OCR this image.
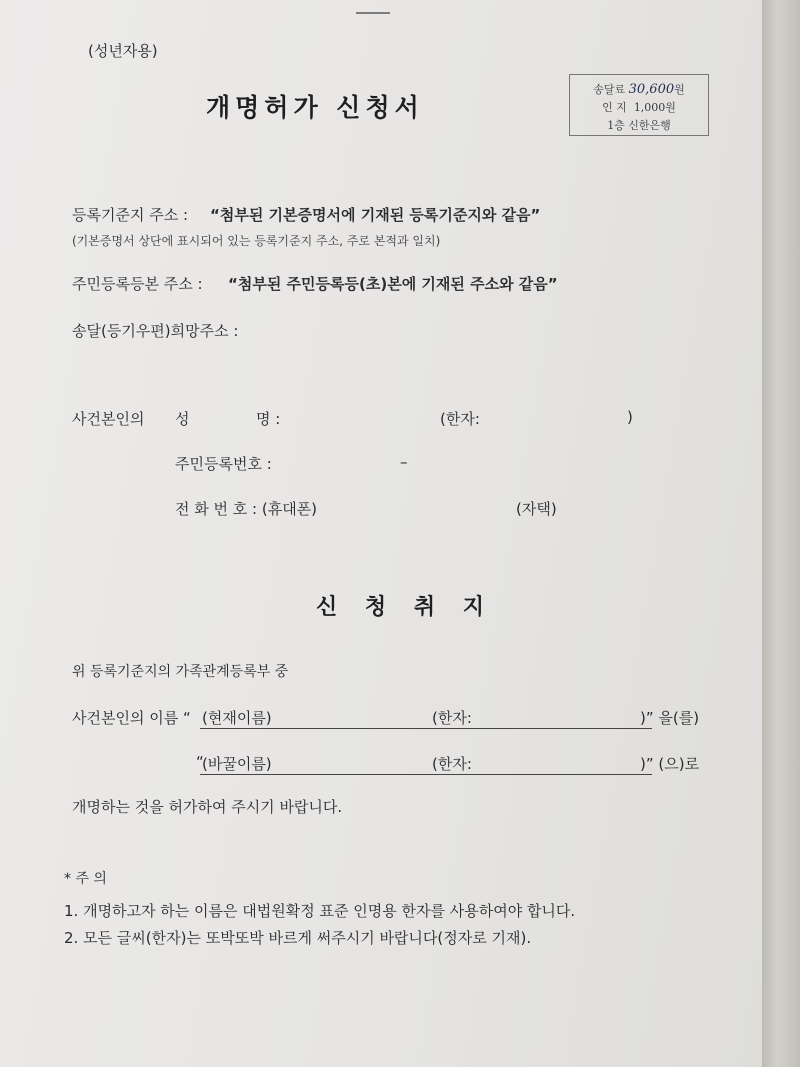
(성년자용)
개명허가 신청서
송달료 30,600원
인 지 1,000원
1층 신한은행
등록기준지 주소 : “첨부된 기본증명서에 기재된 등록기준지와 같음”
(기본증명서 상단에 표시되어 있는 등록기준지 주소, 주로 본적과 일치)
주민등록등본 주소 : “첨부된 주민등록등(초)본에 기재된 주소와 같음”
송달(등기우편)희망주소 :
사건본인의 성	명 :	(한자:	)
주민등록번호 :	–
전 화 번 호 : (휴대폰)	(자택)
신 청 취 지
위 등록기준지의 가족관계등록부 중
사건본인의 이름 “ (현재이름)	(한자:	)” 을(를)
“
(바꿀이름)	(한자:	)” (으)로
개명하는 것을 허가하여 주시기 바랍니다.
* 주 의
1. 개명하고자 하는 이름은 대법원확정 표준 인명용 한자를 사용하여야 합니다.
2. 모든 글씨(한자)는 또박또박 바르게 써주시기 바랍니다(정자로 기재).
